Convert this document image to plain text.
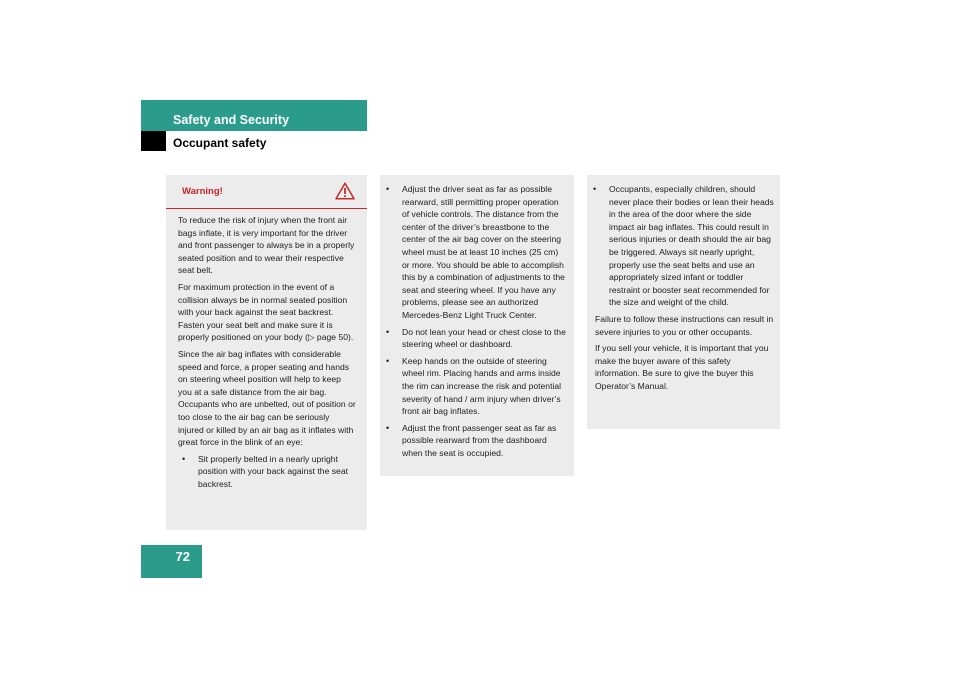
Safety and Security
Occupant safety
Warning!

To reduce the risk of injury when the front air bags inflate, it is very important for the driver and front passenger to always be in a properly seated position and to wear their respective seat belt.

For maximum protection in the event of a collision always be in normal seated position with your back against the seat backrest. Fasten your seat belt and make sure it is properly positioned on your body (▷ page 50).

Since the air bag inflates with considerable speed and force, a proper seating and hands on steering wheel position will help to keep you at a safe distance from the air bag. Occupants who are unbelted, out of position or too close to the air bag can be seriously injured or killed by an air bag as it inflates with great force in the blink of an eye:

• Sit properly belted in a nearly upright position with your back against the seat backrest.
• Adjust the driver seat as far as possible rearward, still permitting proper operation of vehicle controls. The distance from the center of the driver’s breastbone to the center of the air bag cover on the steering wheel must be at least 10 inches (25 cm) or more. You should be able to accomplish this by a combination of adjustments to the seat and steering wheel. If you have any problems, please see an authorized Mercedes-Benz Light Truck Center.
• Do not lean your head or chest close to the steering wheel or dashboard.
• Keep hands on the outside of steering wheel rim. Placing hands and arms inside the rim can increase the risk and potential severity of hand / arm injury when driver’s front air bag inflates.
• Adjust the front passenger seat as far as possible rearward from the dashboard when the seat is occupied.
• Occupants, especially children, should never place their bodies or lean their heads in the area of the door where the side impact air bag inflates. This could result in serious injuries or death should the air bag be triggered. Always sit nearly upright, properly use the seat belts and use an appropriately sized infant or toddler restraint or booster seat recommended for the size and weight of the child.

Failure to follow these instructions can result in severe injuries to you or other occupants.

If you sell your vehicle, it is important that you make the buyer aware of this safety information. Be sure to give the buyer this Operator’s Manual.

72
